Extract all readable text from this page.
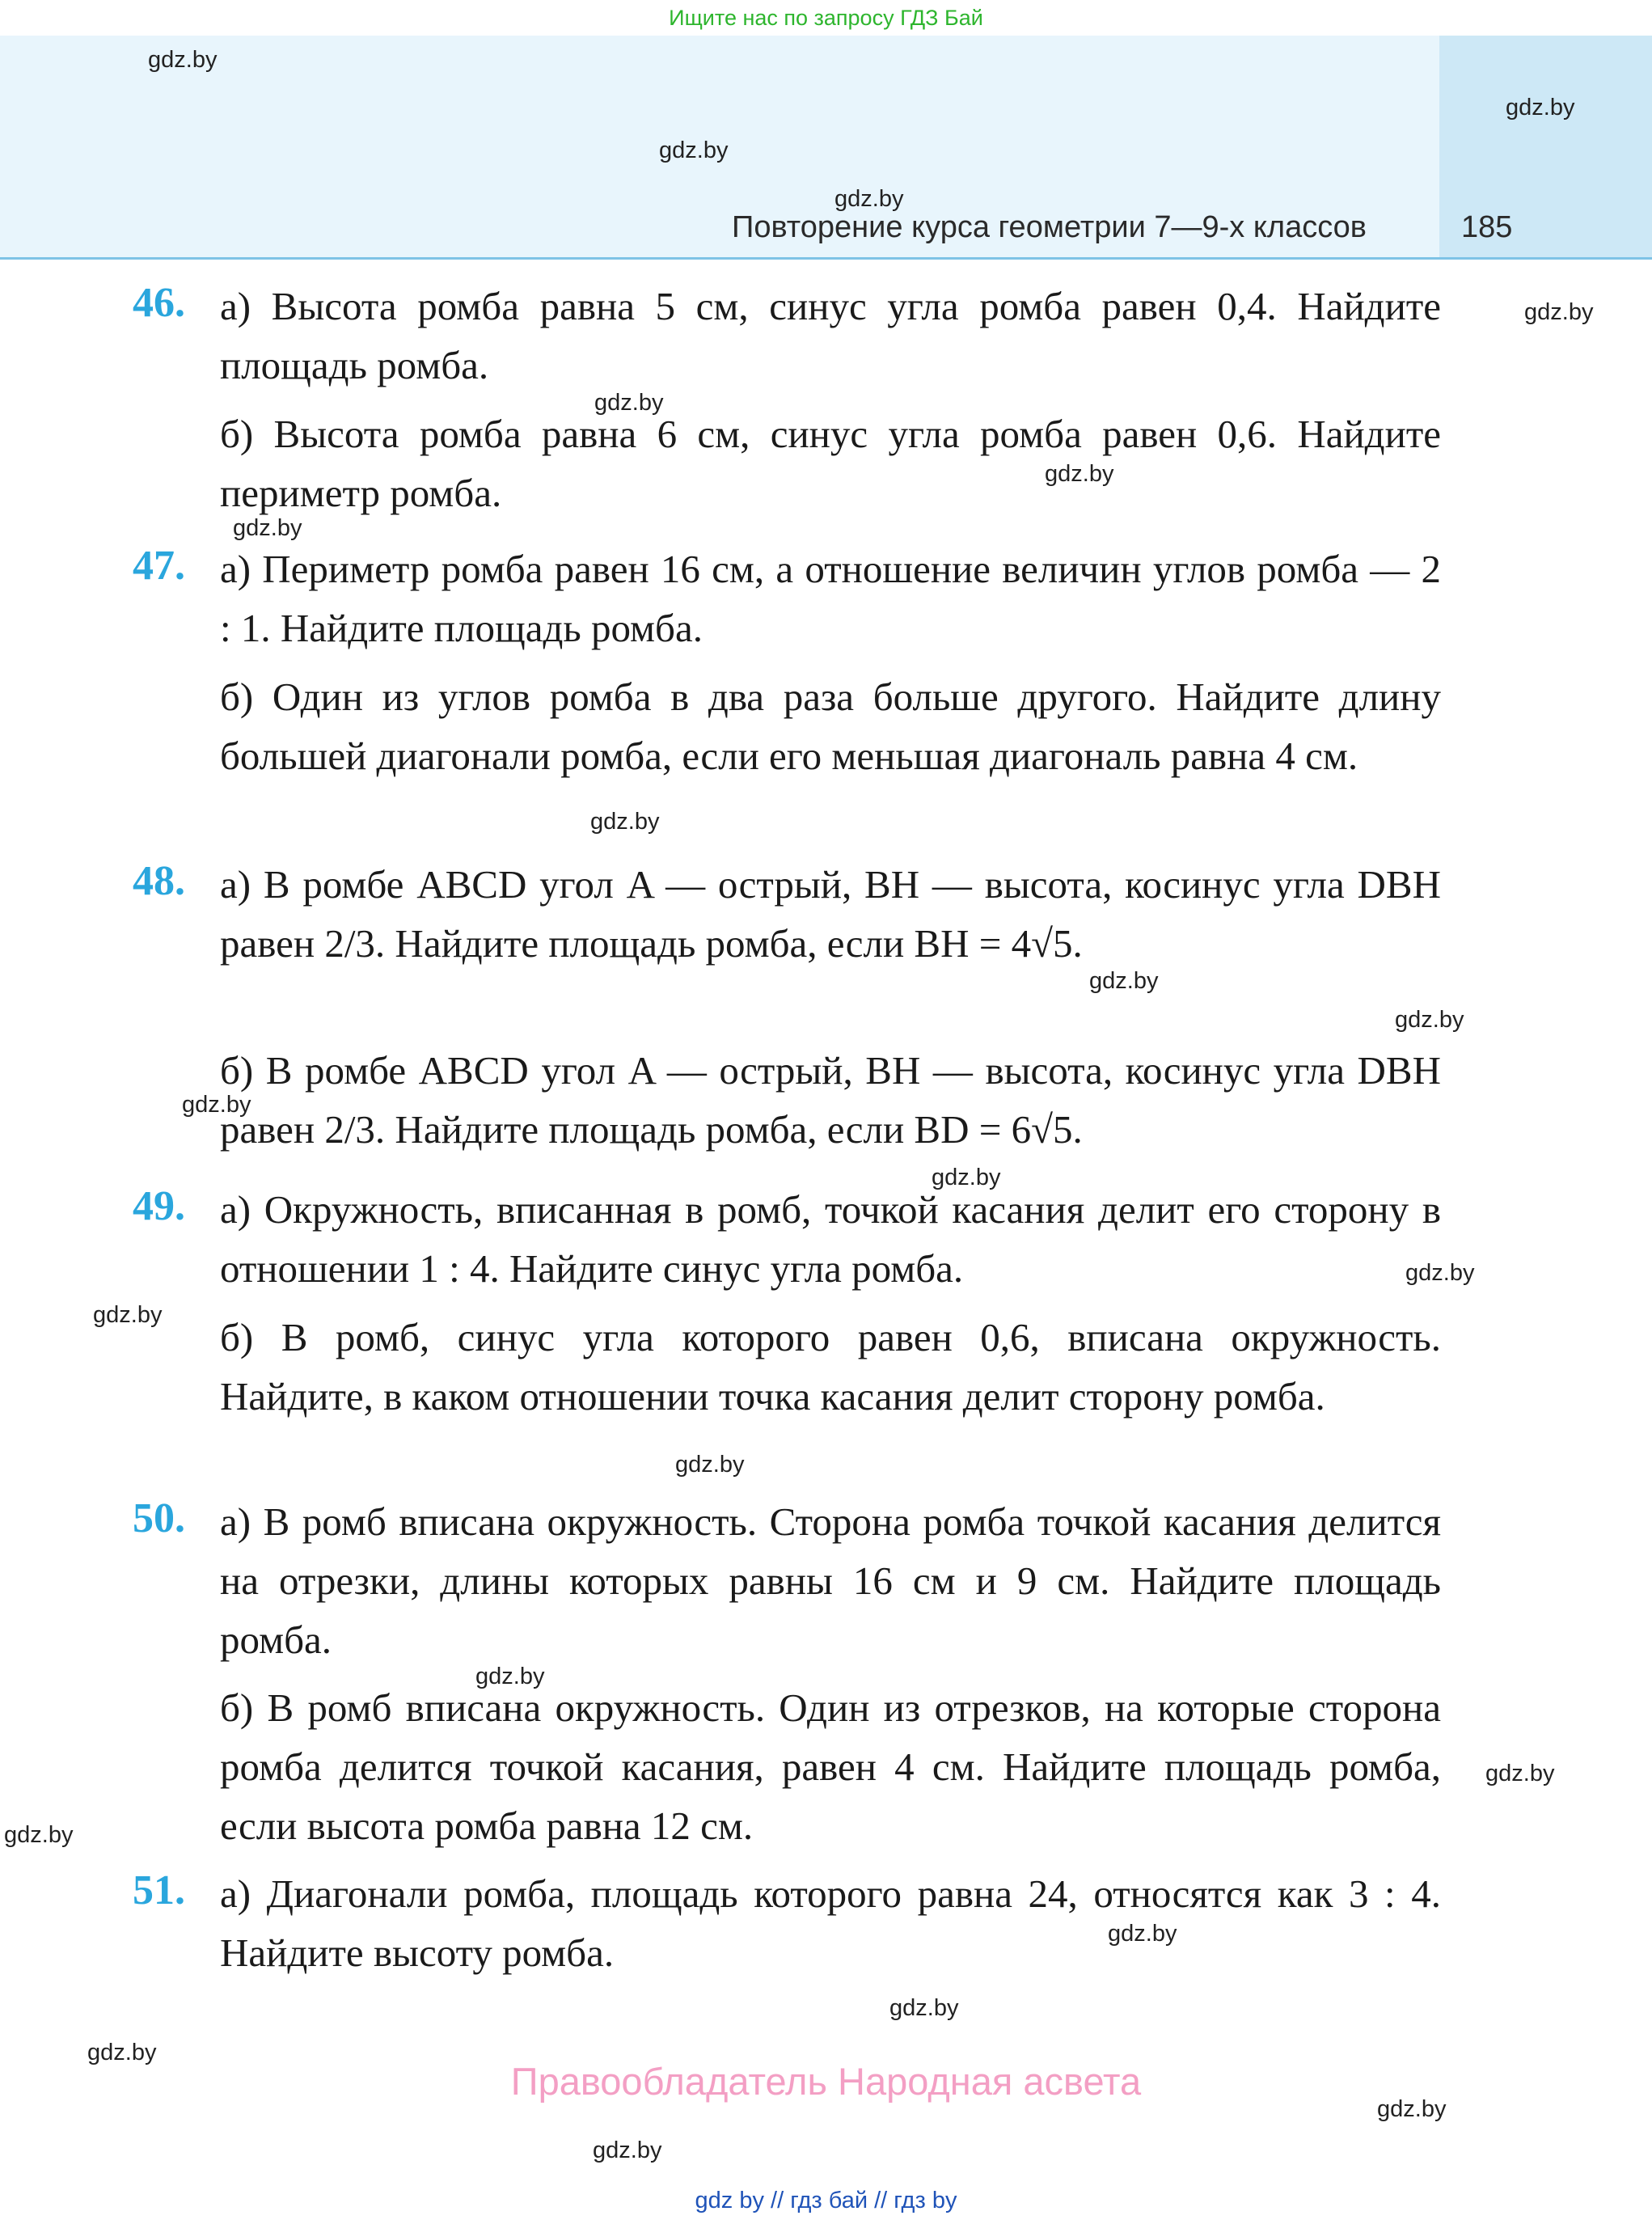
Ищите нас по запросу ГДЗ Бай
Повторение курса геометрии 7—9-х классов	185
46.
47.
48.
49.
50.
51.
а) Высота ромба равна 5 см, синус угла ромба равен 0,4. Найдите площадь ромба.
б) Высота ромба равна 6 см, синус угла ромба равен 0,6. Найдите периметр ромба.
а) Периметр ромба равен 16 см, а отношение величин углов ромба — 2 : 1. Найдите площадь ромба.
б) Один из углов ромба в два раза больше другого. Найдите длину большей диагонали ромба, если его меньшая диагональ равна 4 см.
а) В ромбе ABCD угол A — острый, BH — высота, косинус угла DBH равен 2/3. Найдите площадь ромба, если BH = 4√5.
б) В ромбе ABCD угол A — острый, BH — высота, косинус угла DBH равен 2/3. Найдите площадь ромба, если BD = 6√5.
а) Окружность, вписанная в ромб, точкой касания делит его сторону в отношении 1 : 4. Найдите синус угла ромба.
б) В ромб, синус угла которого равен 0,6, вписана окружность. Найдите, в каком отношении точка касания делит сторону ромба.
а) В ромб вписана окружность. Сторона ромба точкой касания делится на отрезки, длины которых равны 16 см и 9 см. Найдите площадь ромба.
б) В ромб вписана окружность. Один из отрезков, на которые сторона ромба делится точкой касания, равен 4 см. Найдите площадь ромба, если высота ромба равна 12 см.
а) Диагонали ромба, площадь которого равна 24, относятся как 3 : 4. Найдите высоту ромба.
gdz.by
gdz.by
gdz.by
gdz.by
gdz.by
gdz.by
gdz.by
gdz.by
gdz.by
gdz.by
gdz.by
gdz.by
gdz.by
gdz.by
gdz.by
gdz.by
gdz.by
gdz.by
gdz.by
gdz.by
gdz.by
gdz.by
gdz.by
gdz.by
Правообладатель Народная асвета
gdz by // гдз бай // гдз by
